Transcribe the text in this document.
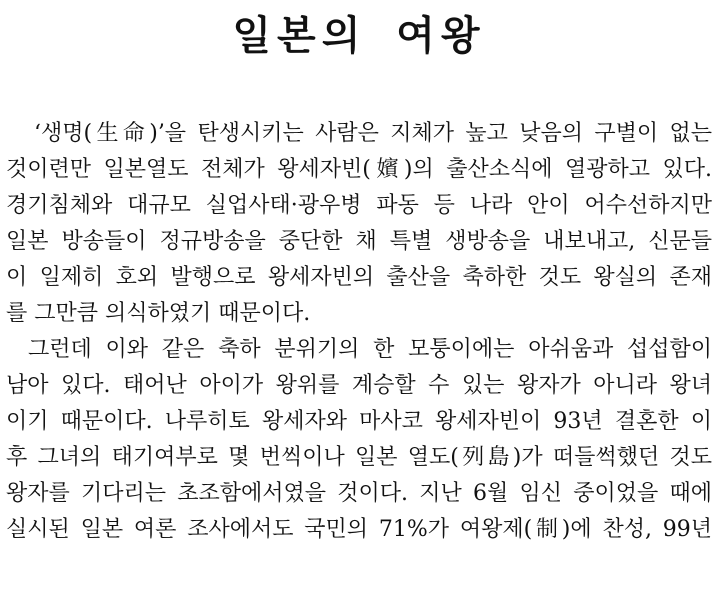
일본의 여왕
‘생명(生命)’을 탄생시키는 사람은 지체가 높고 낮음의 구별이 없는
것이련만 일본열도 전체가 왕세자빈(嬪)의 출산소식에 열광하고 있다.
경기침체와 대규모 실업사태·광우병 파동 등 나라 안이 어수선하지만
일본 방송들이 정규방송을 중단한 채 특별 생방송을 내보내고, 신문들
이 일제히 호외 발행으로 왕세자빈의 출산을 축하한 것도 왕실의 존재
를 그만큼 의식하였기 때문이다.
그런데 이와 같은 축하 분위기의 한 모퉁이에는 아쉬움과 섭섭함이
남아 있다. 태어난 아이가 왕위를 계승할 수 있는 왕자가 아니라 왕녀
이기 때문이다. 나루히토 왕세자와 마사코 왕세자빈이 93년 결혼한 이
후 그녀의 태기여부로 몇 번씩이나 일본 열도(列島)가 떠들썩했던 것도
왕자를 기다리는 초조함에서였을 것이다. 지난 6월 임신 중이었을 때에
실시된 일본 여론 조사에서도 국민의 71%가 여왕제(制)에 찬성, 99년
